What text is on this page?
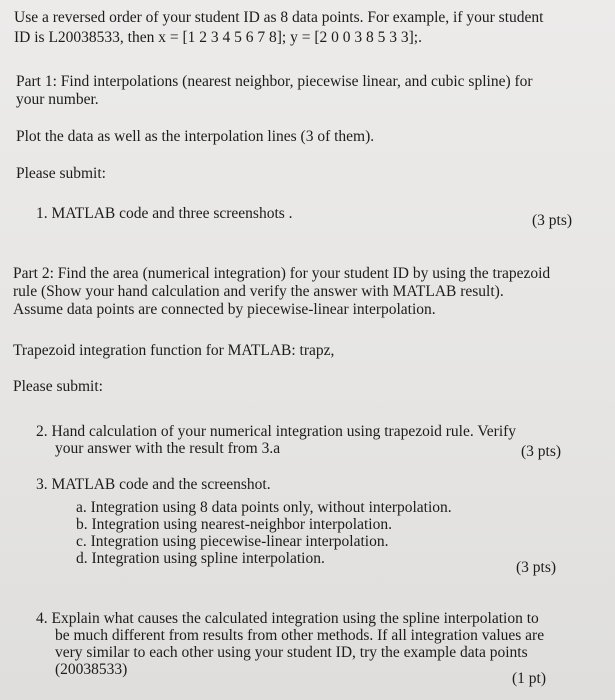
Use a reversed order of your student ID as 8 data points. For example, if your student
ID is L20038533, then x = [1 2 3 4 5 6 7 8]; y = [2 0 0 3 8 5 3 3];.
Part 1: Find interpolations (nearest neighbor, piecewise linear, and cubic spline) for
your number.
Plot the data as well as the interpolation lines (3 of them).
Please submit:
1. MATLAB code and three screenshots .	(3 pts)
Part 2: Find the area (numerical integration) for your student ID by using the trapezoid
rule (Show your hand calculation and verify the answer with MATLAB result).
Assume data points are connected by piecewise-linear interpolation.
Trapezoid integration function for MATLAB: trapz,
Please submit:
2. Hand calculation of your numerical integration using trapezoid rule. Verify
your answer with the result from 3.a	(3 pts)
3. MATLAB code and the screenshot.
a. Integration using 8 data points only, without interpolation.
b. Integration using nearest-neighbor interpolation.
c. Integration using piecewise-linear interpolation.
d. Integration using spline interpolation.
(3 pts)
4. Explain what causes the calculated integration using the spline interpolation to
be much different from results from other methods. If all integration values are
very similar to each other using your student ID, try the example data points
(20038533)
(1 pt)
